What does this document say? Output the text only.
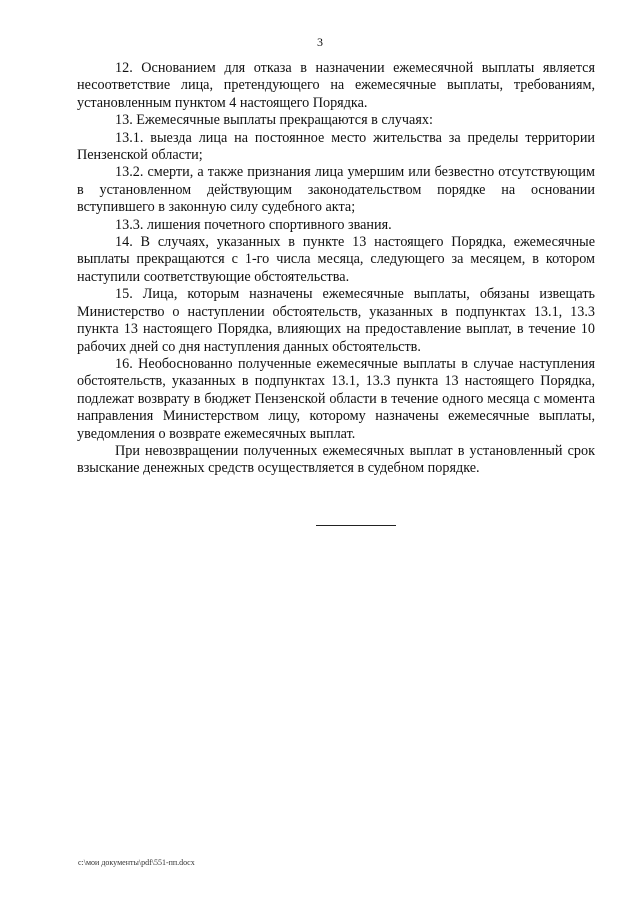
3

12. Основанием для отказа в назначении ежемесячной выплаты является несоответствие лица, претендующего на ежемесячные выплаты, требованиям, установленным пунктом 4 настоящего Порядка.

13. Ежемесячные выплаты прекращаются в случаях:

13.1. выезда лица на постоянное место жительства за пределы территории Пензенской области;

13.2. смерти, а также признания лица умершим или безвестно отсутствующим в установленном действующим законодательством порядке на основании вступившего в законную силу судебного акта;

13.3. лишения почетного спортивного звания.

14. В случаях, указанных в пункте 13 настоящего Порядка, ежемесячные выплаты прекращаются с 1-го числа месяца, следующего за месяцем, в котором наступили соответствующие обстоятельства.

15. Лица, которым назначены ежемесячные выплаты, обязаны извещать Министерство о наступлении обстоятельств, указанных в подпунктах 13.1, 13.3 пункта 13 настоящего Порядка, влияющих на предоставление выплат, в течение 10 рабочих дней со дня наступления данных обстоятельств.

16. Необоснованно полученные ежемесячные выплаты в случае наступления обстоятельств, указанных в подпунктах 13.1, 13.3 пункта 13 настоящего Порядка, подлежат возврату в бюджет Пензенской области в течение одного месяца с момента направления Министерством лицу, которому назначены ежемесячные выплаты, уведомления о возврате ежемесячных выплат.

При невозвращении полученных ежемесячных выплат в установленный срок взыскание денежных средств осуществляется в судебном порядке.

c:\мои документы\pdf\551-пп.docx
